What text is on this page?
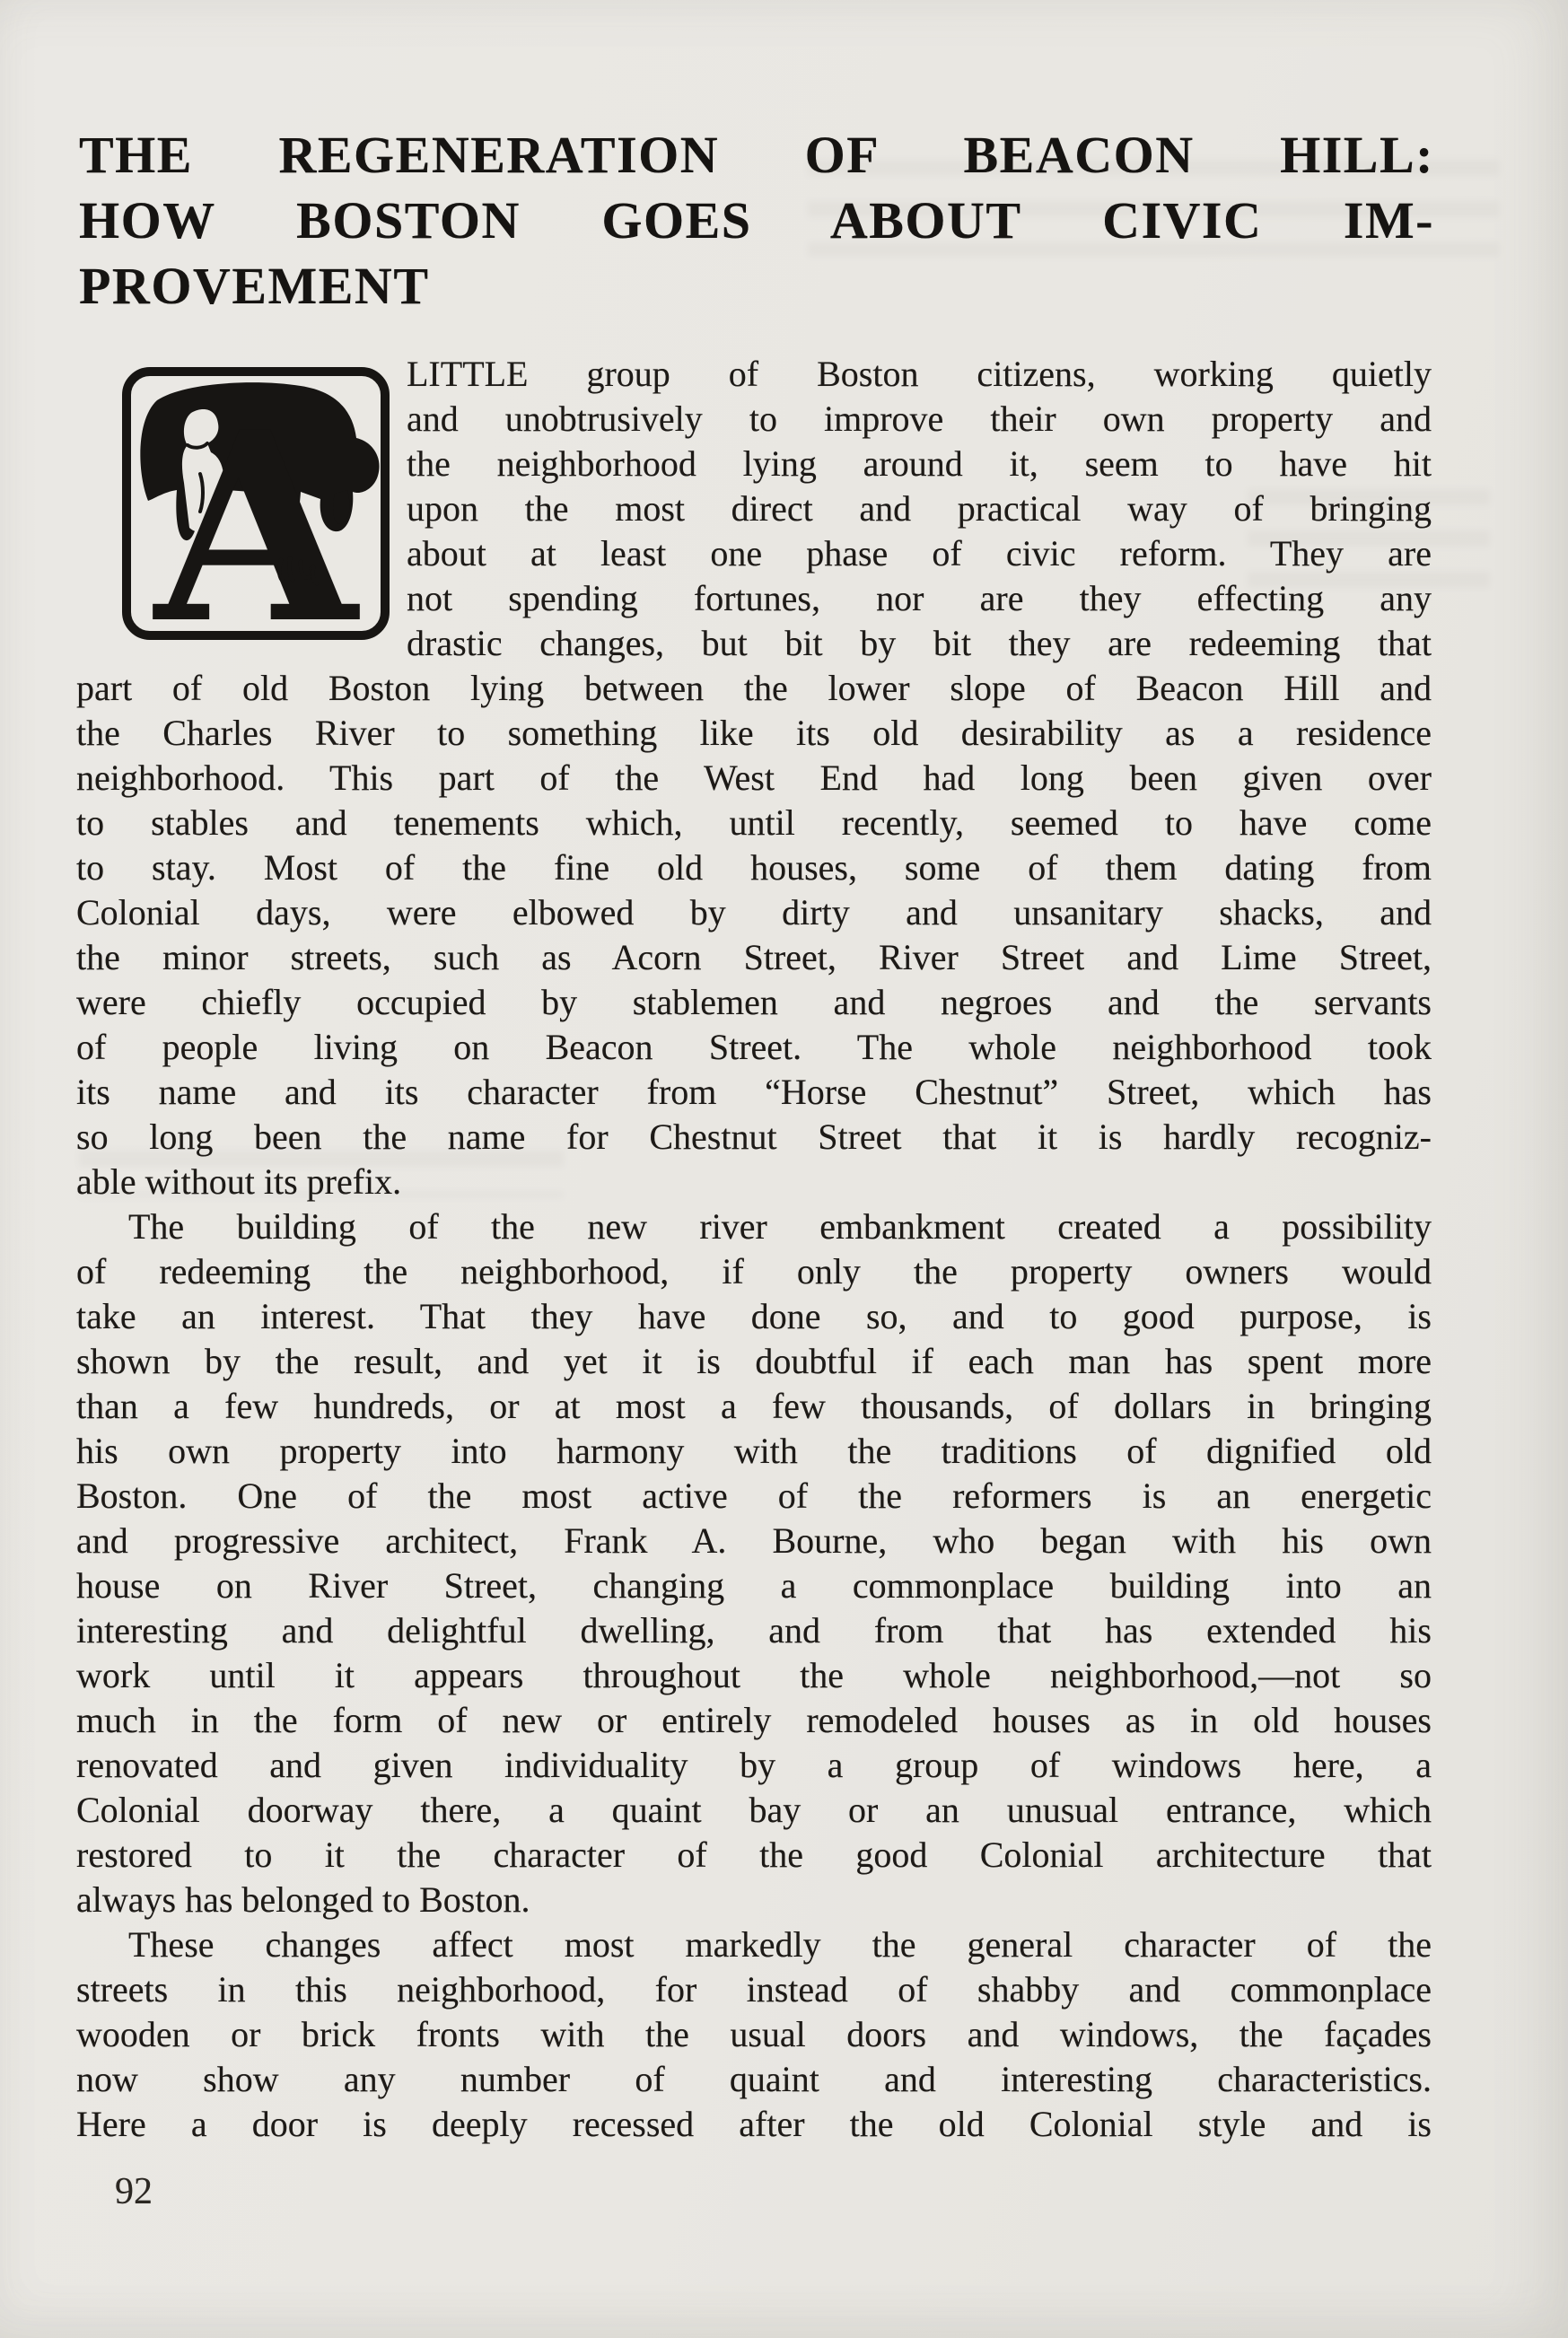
THE REGENERATION OF BEACON HILL:
HOW BOSTON GOES ABOUT CIVIC IM-
PROVEMENT
A
LITTLE group of Boston citizens, working quietly
and unobtrusively to improve their own property and
the neighborhood lying around it, seem to have hit
upon the most direct and practical way of bringing
about at least one phase of civic reform. They are
not spending fortunes, nor are they effecting any
drastic changes, but bit by bit they are redeeming that
part of old Boston lying between the lower slope of Beacon Hill and
the Charles River to something like its old desirability as a residence
neighborhood. This part of the West End had long been given over
to stables and tenements which, until recently, seemed to have come
to stay. Most of the fine old houses, some of them dating from
Colonial days, were elbowed by dirty and unsanitary shacks, and
the minor streets, such as Acorn Street, River Street and Lime Street,
were chiefly occupied by stablemen and negroes and the servants
of people living on Beacon Street. The whole neighborhood took
its name and its character from “Horse Chestnut” Street, which has
so long been the name for Chestnut Street that it is hardly recogniz-
able without its prefix.
The building of the new river embankment created a possibility
of redeeming the neighborhood, if only the property owners would
take an interest. That they have done so, and to good purpose, is
shown by the result, and yet it is doubtful if each man has spent more
than a few hundreds, or at most a few thousands, of dollars in bringing
his own property into harmony with the traditions of dignified old
Boston. One of the most active of the reformers is an energetic
and progressive architect, Frank A. Bourne, who began with his own
house on River Street, changing a commonplace building into an
interesting and delightful dwelling, and from that has extended his
work until it appears throughout the whole neighborhood,—not so
much in the form of new or entirely remodeled houses as in old houses
renovated and given individuality by a group of windows here, a
Colonial doorway there, a quaint bay or an unusual entrance, which
restored to it the character of the good Colonial architecture that
always has belonged to Boston.
These changes affect most markedly the general character of the
streets in this neighborhood, for instead of shabby and commonplace
wooden or brick fronts with the usual doors and windows, the façades
now show any number of quaint and interesting characteristics.
Here a door is deeply recessed after the old Colonial style and is
92
